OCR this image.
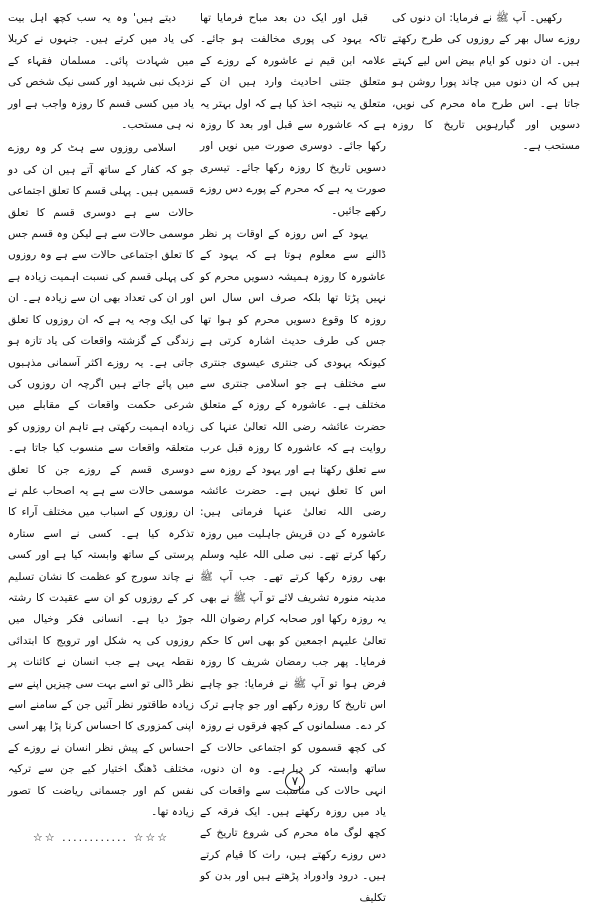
رکھیں۔ آپ ﷺ نے فرمایا: ان دنوں کی روزے سال بھر کے روزوں کی طرح رکھتے ہیں۔ ان دنوں کو ایام بیض اس لیے کہتے ہیں کہ ان دنوں میں چاند پورا روشن ہو جاتا ہے۔ اس طرح ماہ محرم کی نویں، دسویں اور گیارہویں تاریخ کا روزہ مستحب ہے۔

قبل اور ایک دن بعد مباح فرمایا تھا تاکہ یہود کی پوری مخالفت ہو جائے۔ علامہ ابن قیم نے عاشورہ کے روزے کے متعلق جتنی احادیث وارد ہیں ان کے متعلق یہ نتیجہ اخذ کیا ہے کہ اول بہتر یہ ہے کہ عاشورہ سے قبل اور بعد کا روزہ رکھا جائے۔ دوسری صورت میں نویں اور دسویں تاریخ کا روزہ رکھا جائے۔ تیسری صورت یہ ہے کہ محرم کے پورے دس روزے رکھے جائیں۔

یہود کے اس روزہ کے اوقات پر نظر ڈالنے سے معلوم ہوتا ہے کہ یہود کے عاشورہ کا روزہ ہمیشہ دسویں محرم کو نہیں پڑتا تھا بلکہ صرف اس سال اس روزہ کا وقوع دسویں محرم کو ہوا تھا جس کی طرف حدیث اشارہ کرتی ہے کیونکہ یہودی کی جنتری عیسوی جنتری سے مختلف ہے جو اسلامی جنتری سے مختلف ہے۔ عاشورہ کے روزہ کے متعلق حضرت عائشہ رضی اللہ تعالیٰ عنہا کی روایت ہے کہ عاشورہ کا روزہ قبل عرب سے تعلق رکھتا ہے اور یہود کے روزہ سے اس کا تعلق نہیں ہے۔ حضرت عائشہ رضی اللہ تعالیٰ عنہا فرماتی ہیں: عاشورہ کے دن قریش جاہلیت میں روزہ رکھا کرتے تھے۔ نبی صلی اللہ علیہ وسلم بھی روزہ رکھا کرتے تھے۔ جب آپ ﷺ مدینہ منورہ تشریف لائے تو آپ ﷺ نے بھی یہ روزہ رکھا اور صحابہ کرام رضوان اللہ تعالیٰ علیہم اجمعین کو بھی اس کا حکم فرمایا۔ پھر جب رمضان شریف کا روزہ فرض ہوا تو آپ ﷺ نے فرمایا: جو چاہے اس تاریخ کا روزہ رکھے اور جو چاہے ترک کر دے۔ مسلمانوں کے کچھ فرقوں نے روزہ کی کچھ قسموں کو اجتماعی حالات کے ساتھ وابستہ کر دیا ہے۔ وہ ان دنوں، انہی حالات کی مناسبت سے واقعات کی یاد میں روزہ رکھتے ہیں۔ ایک فرقہ کے کچھ لوگ ماہ محرم کی شروع تاریخ کے دس روزے رکھتے ہیں، رات کا قیام کرتے ہیں۔ درود وادوراد پڑھتے ہیں اور بدن کو تکلیف

دیتے ہیں' وہ یہ سب کچھ اہل بیت کی یاد میں کرتے ہیں۔ جنہوں نے کربلا میں شہادت پائی۔ مسلمان فقہاء کے نزدیک نبی شہید اور کسی نیک شخص کی یاد میں کسی قسم کا روزہ واجب ہے اور نہ ہی مستحب۔

اسلامی روزوں سے ہٹ کر وہ روزے جو کہ کفار کے ساتھ آتے ہیں ان کی دو قسمیں ہیں۔ پہلی قسم کا تعلق اجتماعی حالات سے ہے دوسری قسم کا تعلق موسمی حالات سے ہے لیکن وہ قسم جس کا تعلق اجتماعی حالات سے ہے وہ روزوں کی پہلی قسم کی نسبت اہمیت زیادہ ہے اور ان کی تعداد بھی ان سے زیادہ ہے۔ ان کی ایک وجہ یہ ہے کہ ان روزوں کا تعلق زندگی کے گزشتہ واقعات کی یاد تازہ ہو جاتی ہے۔ یہ روزے اکثر آسمانی مذہبوں میں پائے جاتے ہیں اگرچہ ان روزوں کی شرعی حکمت واقعات کے مقابلے میں زیادہ اہمیت رکھتی ہے تاہم ان روزوں کو متعلقہ واقعات سے منسوب کیا جاتا ہے۔ دوسری قسم کے روزے جن کا تعلق موسمی حالات سے ہے یہ اصحاب علم نے ان روزوں کے اسباب میں مختلف آراء کا تذکرہ کیا ہے۔ کسی نے اسے ستارہ پرستی کے ساتھ وابستہ کیا ہے اور کسی نے چاند سورج کو عظمت کا نشان تسلیم کر کے روزوں کو ان سے عقیدت کا رشتہ جوڑ دیا ہے۔ انسانی فکر وخیال میں روزوں کی یہ شکل اور ترویج کا ابتدائی نقطہ یہی ہے جب انسان نے کائنات پر نظر ڈالی تو اسے بہت سی چیزیں اپنے سے زیادہ طاقتور نظر آئیں جن کے سامنے اسے اپنی کمزوری کا احساس کرنا پڑا پھر اسی احساس کے پیش نظر انسان نے روزے کے مختلف ڈھنگ اختیار کیے جن سے ترکیہ نفس کم اور جسمانی ریاضت کا تصور زیادہ تھا۔

☆☆ ............ ☆☆☆
۷
